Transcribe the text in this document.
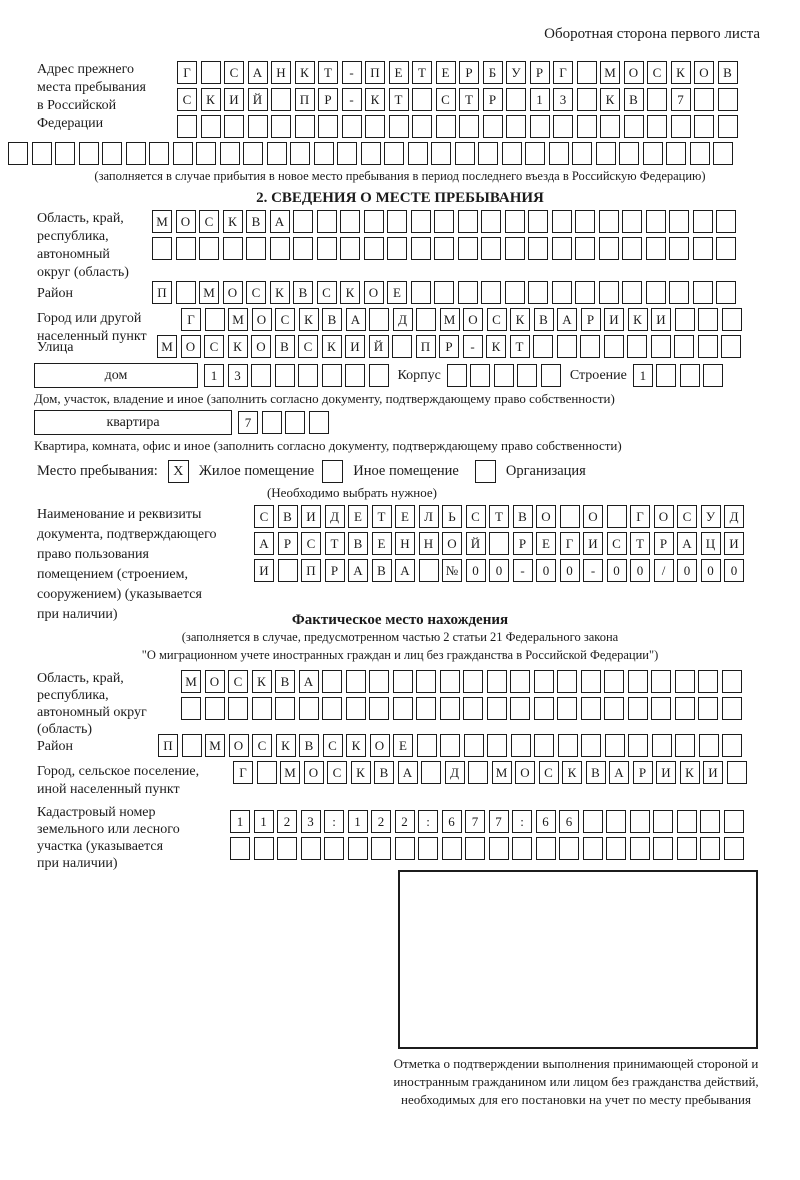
Оборотная сторона первого листа
Адрес прежнего
места пребывания
в Российской
Федерации
Г	С	А	Н	К	Т	-	П	Е	Т	Е	Р	Б	У	Р	Г	М	О	С	К	О	В
С	К	И	Й	П	Р	-	К	Т	С	Т	Р	1	3	К	В	7
(заполняется в случае прибытия в новое место пребывания в период последнего въезда в Российскую Федерацию)
2. СВЕДЕНИЯ О МЕСТЕ ПРЕБЫВАНИЯ
Область, край,
республика,
автономный
округ (область)
М	О	С	К	В	А
Район	П	М	О	С	К	В	С	К	О	Е
Город или другой
населенный пункт
Г	М	О	С	К	В	А	Д	М	О	С	К	В	А	Р	И	К	И
Улица	М	О	С	К	О	В	С	К	И	Й	П	Р	-	К	Т
дом	1	3	Корпус	Строение 1
Дом, участок, владение и иное (заполнить согласно документу, подтверждающему право собственности)
квартира	7
Квартира, комната, офис и иное (заполнить согласно документу, подтверждающему право собственности)
Место пребывания:	X	Жилое помещение	Иное помещение	Организация
(Необходимо выбрать нужное)
Наименование и реквизиты
документа, подтверждающего
право пользования
помещением (строением,
сооружением) (указывается
при наличии)
С	В	И	Д	Е	Т	Е	Л	Ь	С	Т	В	О	О	Г	О	С	У	Д
А	Р	С	Т	В	Е	Н	Н	О	Й	Р	Е	Г	И	С	Т	Р	А	Ц	И
И	П	Р	А	В	А	№	0	0	-	0	0	-	0	0	/	0	0	0
Фактическое место нахождения
(заполняется в случае, предусмотренном частью 2 статьи 21 Федерального закона
"О миграционном учете иностранных граждан и лиц без гражданства в Российской Федерации")
Область, край,
республика,
автономный округ
(область)
М	О	С	К	В	А
Район	П	М	О	С	К	В	С	К	О	Е
Город, сельское поселение,
иной населенный пункт
Г	М	О	С	К	В	А	Д	М	О	С	К	В	А	Р	И	К	И
Кадастровый номер
земельного или лесного
участка (указывается
при наличии)
1	1	2	3	:	1	2	2	:	6	7	7	:	6	6
Отметка о подтверждении выполнения принимающей стороной и иностранным гражданином или лицом без гражданства действий, необходимых для его постановки на учет по месту пребывания
